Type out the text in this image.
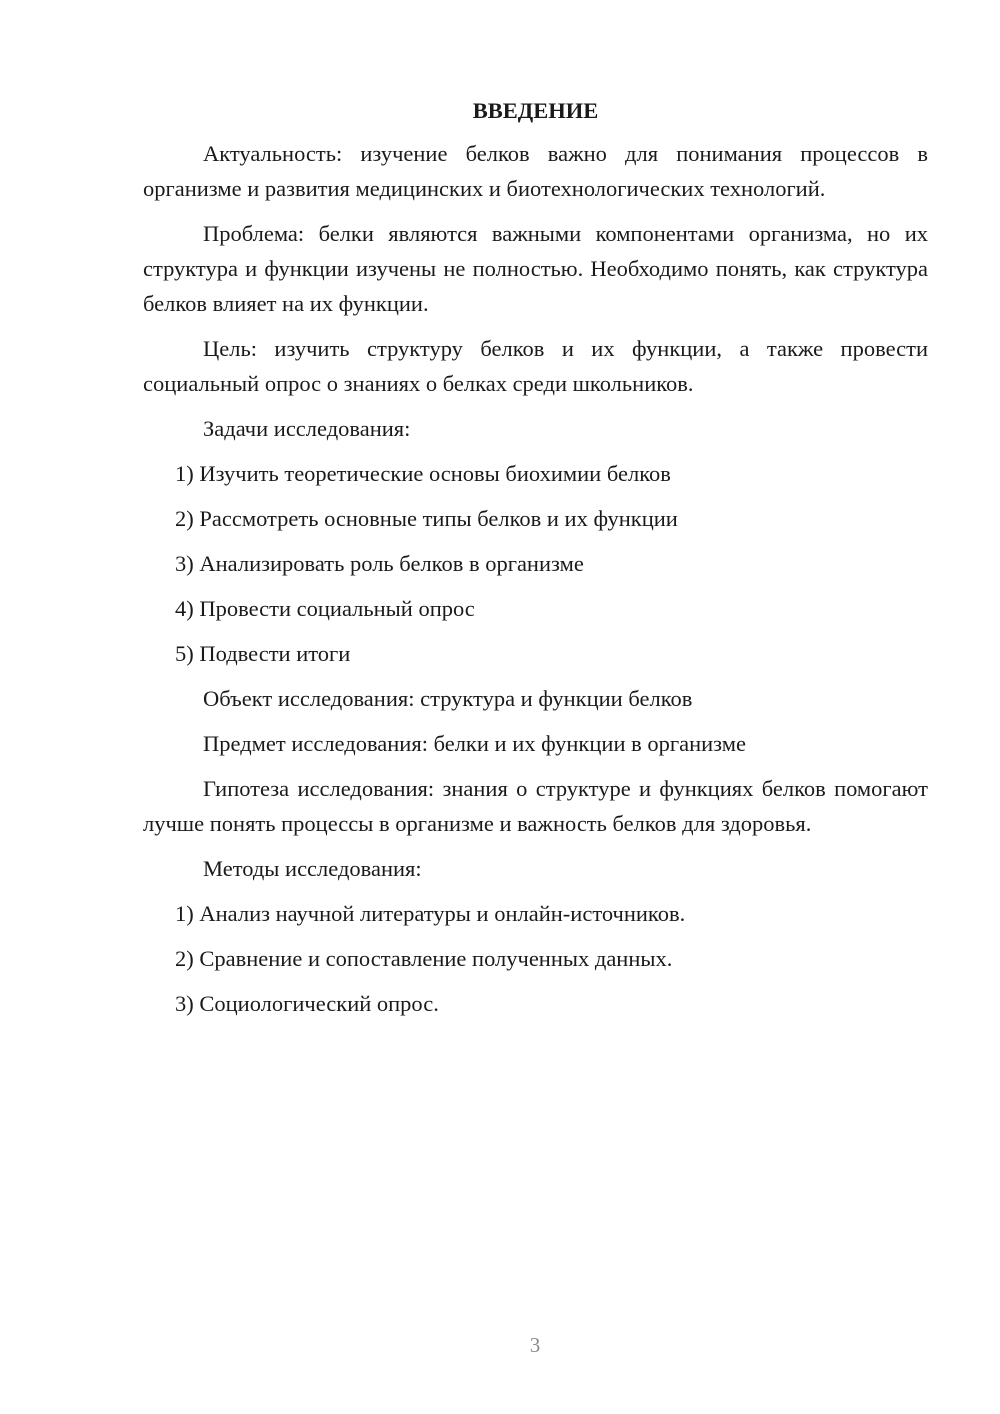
ВВЕДЕНИЕ

Актуальность: изучение белков важно для понимания процессов в организме и развития медицинских и биотехнологических технологий.

Проблема: белки являются важными компонентами организма, но их структура и функции изучены не полностью. Необходимо понять, как структура белков влияет на их функции.

Цель: изучить структуру белков и их функции, а также провести социальный опрос о знаниях о белках среди школьников.

Задачи исследования:

1) Изучить теоретические основы биохимии белков

2) Рассмотреть основные типы белков и их функции

3) Анализировать роль белков в организме

4) Провести социальный опрос

5) Подвести итоги

Объект исследования: структура и функции белков

Предмет исследования: белки и их функции в организме

Гипотеза исследования: знания о структуре и функциях белков помогают лучше понять процессы в организме и важность белков для здоровья.

Методы исследования:

1) Анализ научной литературы и онлайн-источников.

2) Сравнение и сопоставление полученных данных.

3) Социологический опрос.

3
